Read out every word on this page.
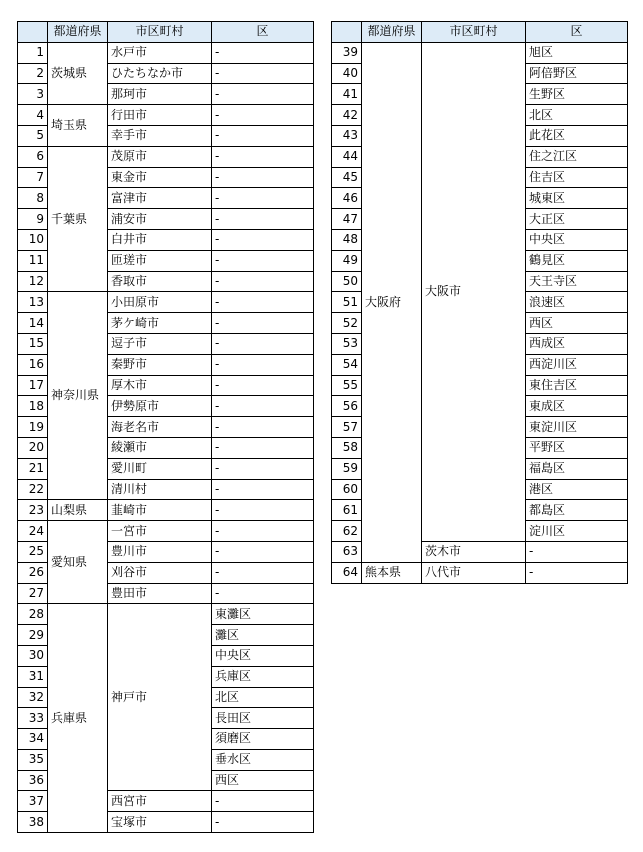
	都道府県	市区町村	区
1	茨城県	水戸市	-
2		ひたちなか市	-
3		那珂市	-
4	埼玉県	行田市	-
5		幸手市	-
6	千葉県	茂原市	-
7		東金市	-
8		富津市	-
9		浦安市	-
10		白井市	-
11		匝瑳市	-
12		香取市	-
13	神奈川県	小田原市	-
14		茅ケ崎市	-
15		逗子市	-
16		秦野市	-
17		厚木市	-
18		伊勢原市	-
19		海老名市	-
20		綾瀬市	-
21		愛川町	-
22		清川村	-
23	山梨県	韮崎市	-
24	愛知県	一宮市	-
25		豊川市	-
26		刈谷市	-
27		豊田市	-
28	兵庫県	神戸市	東灘区
29			灘区
30			中央区
31			兵庫区
32			北区
33			長田区
34			須磨区
35			垂水区
36			西区
37		西宮市	-
38		宝塚市	-
	都道府県	市区町村	区
39	大阪府	大阪市	旭区
40			阿倍野区
41			生野区
42			北区
43			此花区
44			住之江区
45			住吉区
46			城東区
47			大正区
48			中央区
49			鶴見区
50			天王寺区
51			浪速区
52			西区
53			西成区
54			西淀川区
55			東住吉区
56			東成区
57			東淀川区
58			平野区
59			福島区
60			港区
61			都島区
62			淀川区
63		茨木市	-
64	熊本県	八代市	-
